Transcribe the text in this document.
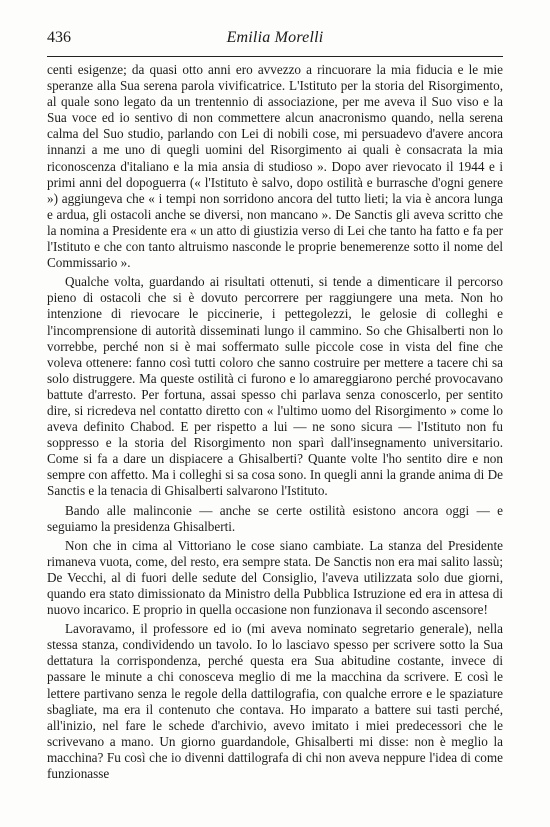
436	Emilia Morelli

centi esigenze; da quasi otto anni ero avvezzo a rincuorare la mia fiducia e le mie speranze alla Sua serena parola vivificatrice. L'Istituto per la storia del Risorgimento, al quale sono legato da un trentennio di associazione, per me aveva il Suo viso e la Sua voce ed io sentivo di non commettere alcun anacronismo quando, nella serena calma del Suo studio, parlando con Lei di nobili cose, mi persuadevo d'avere ancora innanzi a me uno di quegli uomini del Risorgimento ai quali è consacrata la mia riconoscenza d'italiano e la mia ansia di studioso ». Dopo aver rievocato il 1944 e i primi anni del dopoguerra (« l'Istituto è salvo, dopo ostilità e burrasche d'ogni genere ») aggiungeva che « i tempi non sorridono ancora del tutto lieti; la via è ancora lunga e ardua, gli ostacoli anche se diversi, non mancano ». De Sanctis gli aveva scritto che la nomina a Presidente era « un atto di giustizia verso di Lei che tanto ha fatto e fa per l'Istituto e che con tanto altruismo nasconde le proprie benemerenze sotto il nome del Commissario ».

Qualche volta, guardando ai risultati ottenuti, si tende a dimenticare il percorso pieno di ostacoli che si è dovuto percorrere per raggiungere una meta. Non ho intenzione di rievocare le piccinerie, i pettegolezzi, le gelosie di colleghi e l'incomprensione di autorità disseminati lungo il cammino. So che Ghisalberti non lo vorrebbe, perché non si è mai soffermato sulle piccole cose in vista del fine che voleva ottenere: fanno così tutti coloro che sanno costruire per mettere a tacere chi sa solo distruggere. Ma queste ostilità ci furono e lo amareggiarono perché provocavano battute d'arresto. Per fortuna, assai spesso chi parlava senza conoscerlo, per sentito dire, si ricredeva nel contatto diretto con « l'ultimo uomo del Risorgimento » come lo aveva definito Chabod. E per rispetto a lui — ne sono sicura — l'Istituto non fu soppresso e la storia del Risorgimento non sparì dall'insegnamento universitario. Come si fa a dare un dispiacere a Ghisalberti? Quante volte l'ho sentito dire e non sempre con affetto. Ma i colleghi si sa cosa sono. In quegli anni la grande anima di De Sanctis e la tenacia di Ghisalberti salvarono l'Istituto.

Bando alle malinconie — anche se certe ostilità esistono ancora oggi — e seguiamo la presidenza Ghisalberti.

Non che in cima al Vittoriano le cose siano cambiate. La stanza del Presidente rimaneva vuota, come, del resto, era sempre stata. De Sanctis non era mai salito lassù; De Vecchi, al di fuori delle sedute del Consiglio, l'aveva utilizzata solo due giorni, quando era stato dimissionato da Ministro della Pubblica Istruzione ed era in attesa di nuovo incarico. E proprio in quella occasione non funzionava il secondo ascensore!

Lavoravamo, il professore ed io (mi aveva nominato segretario generale), nella stessa stanza, condividendo un tavolo. Io lo lasciavo spesso per scrivere sotto la Sua dettatura la corrispondenza, perché questa era Sua abitudine costante, invece di passare le minute a chi conosceva meglio di me la macchina da scrivere. E così le lettere partivano senza le regole della dattilografia, con qualche errore e le spaziature sbagliate, ma era il contenuto che contava. Ho imparato a battere sui tasti perché, all'inizio, nel fare le schede d'archivio, avevo imitato i miei predecessori che le scrivevano a mano. Un giorno guardandole, Ghisalberti mi disse: non è meglio la macchina? Fu così che io divenni dattilografa di chi non aveva neppure l'idea di come funzionasse
